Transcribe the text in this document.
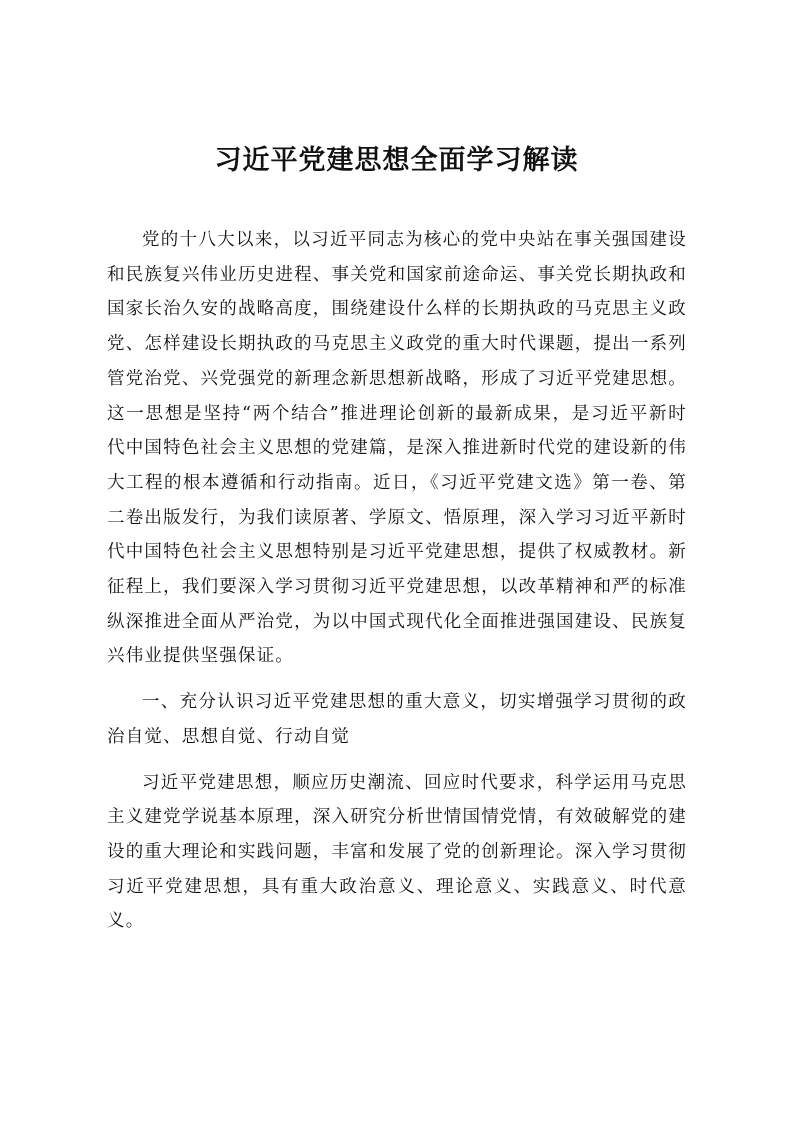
习近平党建思想全面学习解读

党的十八大以来，以习近平同志为核心的党中央站在事关强国建设和民族复兴伟业历史进程、事关党和国家前途命运、事关党长期执政和国家长治久安的战略高度，围绕建设什么样的长期执政的马克思主义政党、怎样建设长期执政的马克思主义政党的重大时代课题，提出一系列管党治党、兴党强党的新理念新思想新战略，形成了习近平党建思想。这一思想是坚持“两个结合”推进理论创新的最新成果，是习近平新时代中国特色社会主义思想的党建篇，是深入推进新时代党的建设新的伟大工程的根本遵循和行动指南。近日，《习近平党建文选》第一卷、第二卷出版发行，为我们读原著、学原文、悟原理，深入学习习近平新时代中国特色社会主义思想特别是习近平党建思想，提供了权威教材。新征程上，我们要深入学习贯彻习近平党建思想，以改革精神和严的标准纵深推进全面从严治党，为以中国式现代化全面推进强国建设、民族复兴伟业提供坚强保证。

一、充分认识习近平党建思想的重大意义，切实增强学习贯彻的政治自觉、思想自觉、行动自觉

习近平党建思想，顺应历史潮流、回应时代要求，科学运用马克思主义建党学说基本原理，深入研究分析世情国情党情，有效破解党的建设的重大理论和实践问题，丰富和发展了党的创新理论。深入学习贯彻习近平党建思想，具有重大政治意义、理论意义、实践意义、时代意义。
